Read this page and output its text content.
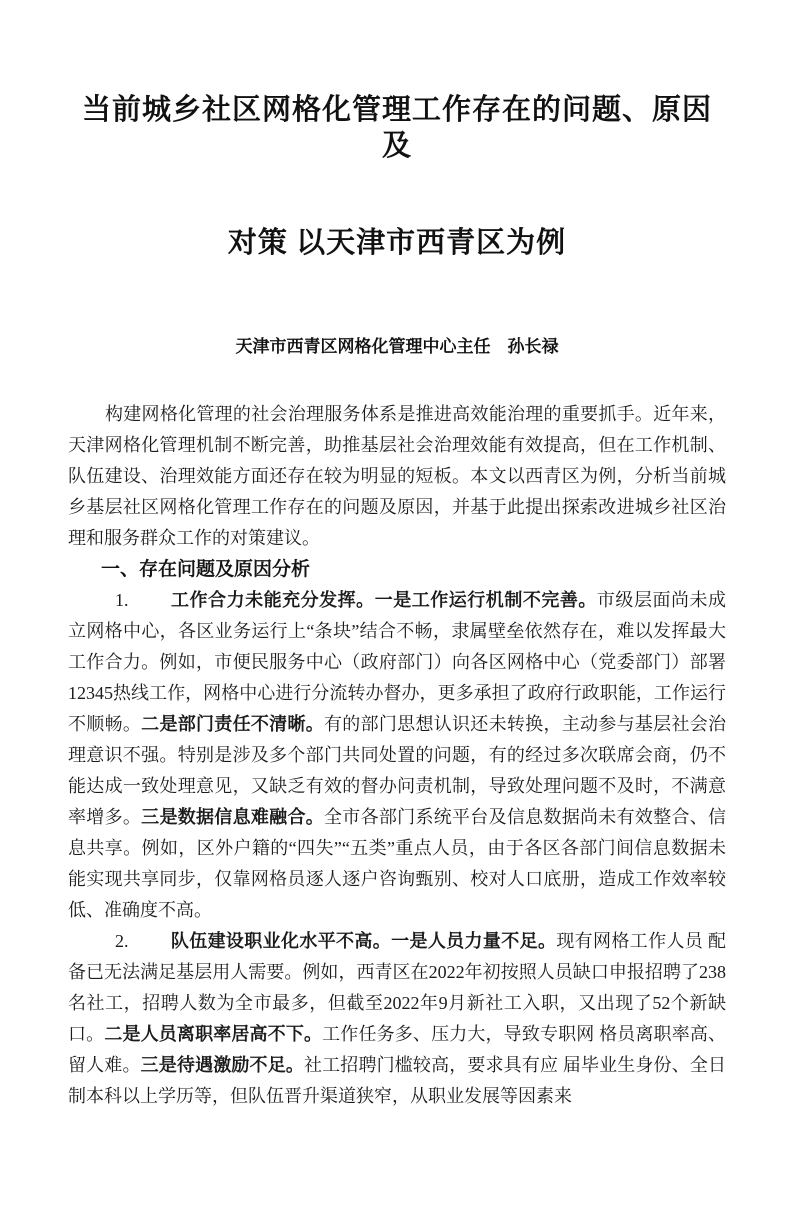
当前城乡社区网格化管理工作存在的问题、原因及
对策 以天津市西青区为例

天津市西青区网格化管理中心主任　孙长禄

构建网格化管理的社会治理服务体系是推进高效能治理的重要抓手。近年来，天津网格化管理机制不断完善，助推基层社会治理效能有效提高，但在工作机制、队伍建设、治理效能方面还存在较为明显的短板。本文以西青区为例，分析当前城乡基层社区网格化管理工作存在的问题及原因，并基于此提出探索改进城乡社区治理和服务群众工作的对策建议。

一、存在问题及原因分析

1. 工作合力未能充分发挥。一是工作运行机制不完善。市级层面尚未成立网格中心，各区业务运行上“条块”结合不畅，隶属壁垒依然存在，难以发挥最大工作合力。例如，市便民服务中心（政府部门）向各区网格中心（党委部门）部署12345热线工作，网格中心进行分流转办督办，更多承担了政府行政职能，工作运行不顺畅。二是部门责任不清晰。有的部门思想认识还未转换，主动参与基层社会治理意识不强。特别是涉及多个部门共同处置的问题，有的经过多次联席会商，仍不能达成一致处理意见，又缺乏有效的督办问责机制，导致处理问题不及时，不满意率增多。三是数据信息难融合。全市各部门系统平台及信息数据尚未有效整合、信息共享。例如，区外户籍的“四失”“五类”重点人员，由于各区各部门间信息数据未能实现共享同步，仅靠网格员逐人逐户咨询甄别、校对人口底册，造成工作效率较低、准确度不高。

2. 队伍建设职业化水平不高。一是人员力量不足。现有网格工作人员 配备已无法满足基层用人需要。例如，西青区在2022年初按照人员缺口申报招聘了238名社工，招聘人数为全市最多，但截至2022年9月新社工入职，又出现了52个新缺口。二是人员离职率居高不下。工作任务多、压力大，导致专职网 格员离职率高、留人难。三是待遇激励不足。社工招聘门槛较高，要求具有应 届毕业生身份、全日制本科以上学历等，但队伍晋升渠道狭窄，从职业发展等因素来
